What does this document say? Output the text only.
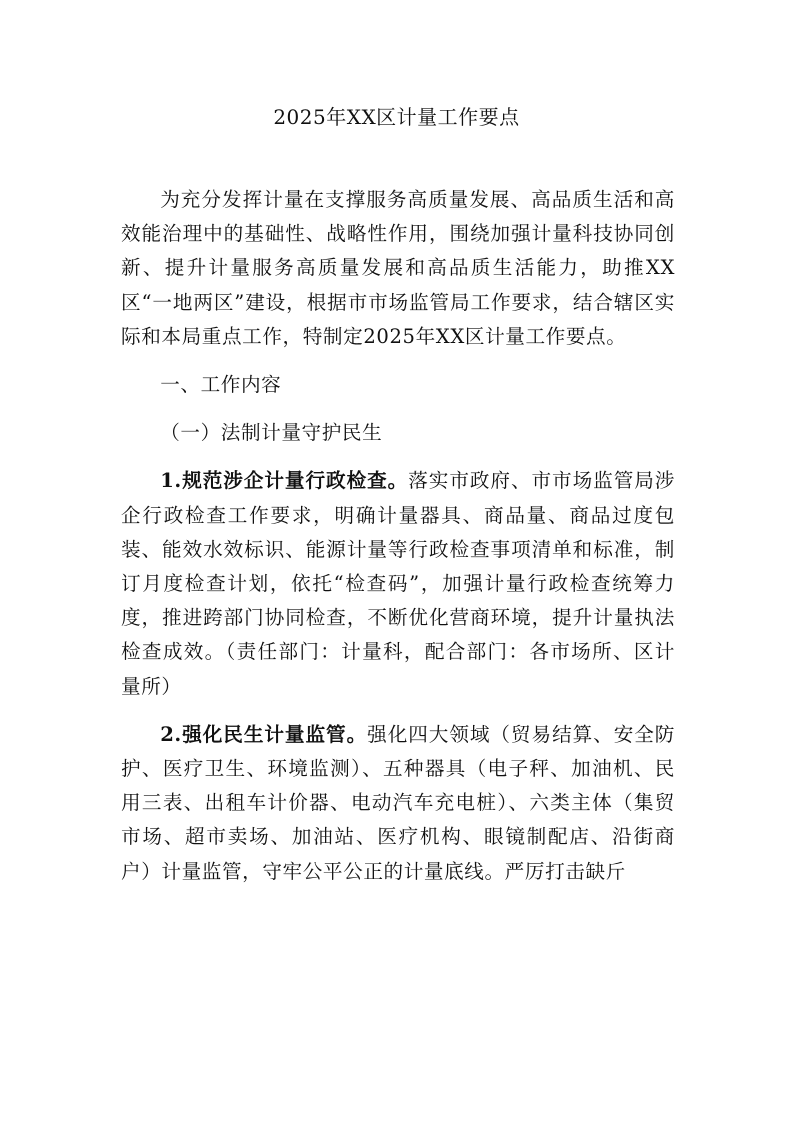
2025年XX区计量工作要点

为充分发挥计量在支撑服务高质量发展、高品质生活和高效能治理中的基础性、战略性作用，围绕加强计量科技协同创新、提升计量服务高质量发展和高品质生活能力，助推XX区“一地两区”建设，根据市市场监管局工作要求，结合辖区实际和本局重点工作，特制定2025年XX区计量工作要点。

一、工作内容

（一）法制计量守护民生

1.规范涉企计量行政检查。落实市政府、市市场监管局涉企行政检查工作要求，明确计量器具、商品量、商品过度包装、能效水效标识、能源计量等行政检查事项清单和标准，制订月度检查计划，依托“检查码”，加强计量行政检查统筹力度，推进跨部门协同检查，不断优化营商环境，提升计量执法检查成效。（责任部门：计量科，配合部门：各市场所、区计量所）

2.强化民生计量监管。强化四大领域（贸易结算、安全防护、医疗卫生、环境监测）、五种器具（电子秤、加油机、民用三表、出租车计价器、电动汽车充电桩）、六类主体（集贸市场、超市卖场、加油站、医疗机构、眼镜制配店、沿街商户）计量监管，守牢公平公正的计量底线。严厉打击缺斤
